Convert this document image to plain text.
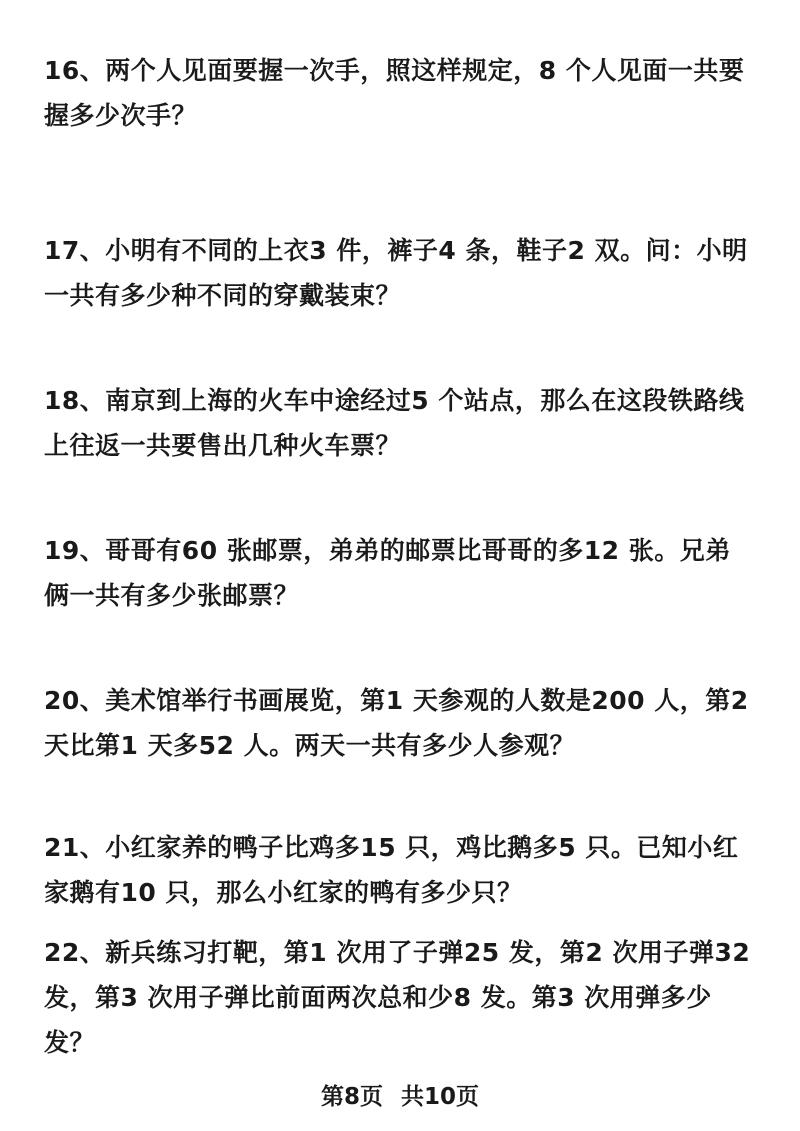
16、两个人见面要握一次手，照这样规定，8 个人见面一共要握多少次手？
17、小明有不同的上衣3 件，裤子4 条，鞋子2 双。问：小明一共有多少种不同的穿戴装束？
18、南京到上海的火车中途经过5 个站点，那么在这段铁路线上往返一共要售出几种火车票？
19、哥哥有60 张邮票，弟弟的邮票比哥哥的多12 张。兄弟俩一共有多少张邮票？
20、美术馆举行书画展览，第1 天参观的人数是200 人，第2 天比第1 天多52 人。两天一共有多少人参观？
21、小红家养的鸭子比鸡多15 只，鸡比鹅多5 只。已知小红家鹅有10 只，那么小红家的鸭有多少只？
22、新兵练习打靶，第1 次用了子弹25 发，第2 次用子弹32 发，第3 次用子弹比前面两次总和少8 发。第3 次用弹多少发？
第8页 共10页
